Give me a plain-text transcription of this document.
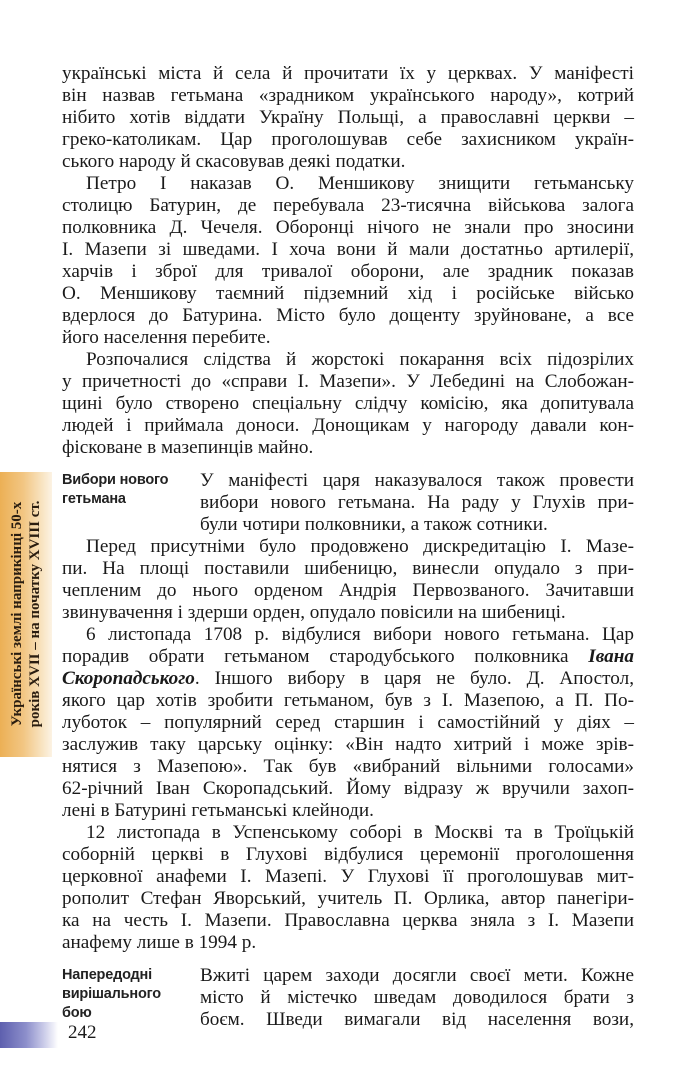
Українські землі наприкінці 50-х років XVII – на початку XVIII ст.

українські міста й села й прочитати їх у церквах. У маніфесті
він назвав гетьмана «зрадником українського народу», котрий
нібито хотів віддати Україну Польщі, а православні церкви –
греко-католикам. Цар проголошував себе захисником україн-
ського народу й скасовував деякі податки.

Петро І наказав О. Меншикову знищити гетьманську
столицю Батурин, де перебувала 23-тисячна військова залога
полковника Д. Чечеля. Оборонці нічого не знали про зносини
І. Мазепи зі шведами. І хоча вони й мали достатньо артилерії,
харчів і зброї для тривалої оборони, але зрадник показав
О. Меншикову таємний підземний хід і російське військо
вдерлося до Батурина. Місто було дощенту зруйноване, а все
його населення перебите.

Розпочалися слідства й жорстокі покарання всіх підозрілих
у причетності до «справи І. Мазепи». У Лебедині на Слобожан-
щині було створено спеціальну слідчу комісію, яка допитувала
людей і приймала доноси. Донощикам у нагороду давали кон-
фісковане в мазепинців майно.

Вибори нового
гетьмана

У маніфесті царя наказувалося також провести
вибори нового гетьмана. На раду у Глухів при-
були чотири полковники, а також сотники.

Перед присутніми було продовжено дискредитацію І. Мазе-
пи. На площі поставили шибеницю, винесли опудало з при-
чепленим до нього орденом Андрія Первозваного. Зачитавши
звинувачення і здерши орден, опудало повісили на шибениці.

6 листопада 1708 р. відбулися вибори нового гетьмана. Цар
порадив обрати гетьманом стародубського полковника Івана
Скоропадського. Іншого вибору в царя не було. Д. Апостол,
якого цар хотів зробити гетьманом, був з І. Мазепою, а П. По-
луботок – популярний серед старшин і самостійний у діях –
заслужив таку царську оцінку: «Він надто хитрий і може зрів-
нятися з Мазепою». Так був «вибраний вільними голосами»
62-річний Іван Скоропадський. Йому відразу ж вручили захоп-
лені в Батурині гетьманські клейноди.

12 листопада в Успенському соборі в Москві та в Троїцькій
соборній церкві в Глухові відбулися церемонії проголошення
церковної анафеми І. Мазепі. У Глухові її проголошував мит-
рополит Стефан Яворський, учитель П. Орлика, автор панегіри-
ка на честь І. Мазепи. Православна церква зняла з І. Мазепи
анафему лише в 1994 р.

Напередодні
вирішального
бою

Вжиті царем заходи досягли своєї мети. Кожне
місто й містечко шведам доводилося брати з
боєм. Шведи вимагали від населення вози,

242
